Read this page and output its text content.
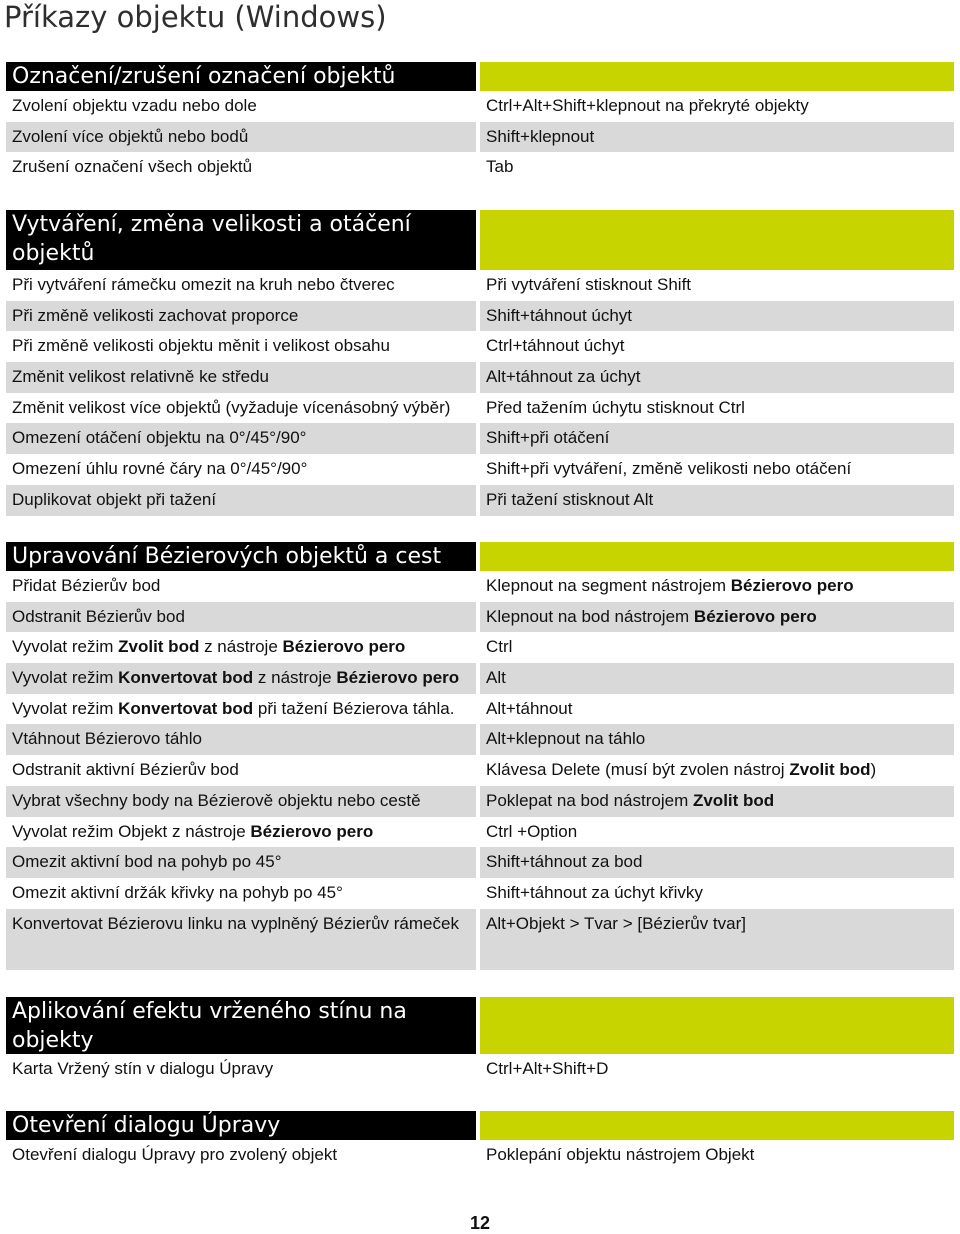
Příkazy objektu (Windows)
Označení/zrušení označení objektů
Zvolení objektu vzadu nebo dole	Ctrl+Alt+Shift+klepnout na překryté objekty
Zvolení více objektů nebo bodů	Shift+klepnout
Zrušení označení všech objektů	Tab
Vytváření, změna velikosti a otáčení objektů
Při vytváření rámečku omezit na kruh nebo čtverec	Při vytváření stisknout Shift
Při změně velikosti zachovat proporce	Shift+táhnout úchyt
Při změně velikosti objektu měnit i velikost obsahu	Ctrl+táhnout úchyt
Změnit velikost relativně ke středu	Alt+táhnout za úchyt
Změnit velikost více objektů (vyžaduje vícenásobný výběr)	Před tažením úchytu stisknout Ctrl
Omezení otáčení objektu na 0°/45°/90°	Shift+při otáčení
Omezení úhlu rovné čáry na 0°/45°/90°	Shift+při vytváření, změně velikosti nebo otáčení
Duplikovat objekt při tažení	Při tažení stisknout Alt
Upravování Bézierových objektů a cest
Přidat Bézierův bod	Klepnout na segment nástrojem Bézierovo pero
Odstranit Bézierův bod	Klepnout na bod nástrojem Bézierovo pero
Vyvolat režim Zvolit bod z nástroje Bézierovo pero	Ctrl
Vyvolat režim Konvertovat bod z nástroje Bézierovo pero	Alt
Vyvolat režim Konvertovat bod při tažení Bézierova táhla.	Alt+táhnout
Vtáhnout Bézierovo táhlo	Alt+klepnout na táhlo
Odstranit aktivní Bézierův bod	Klávesa Delete (musí být zvolen nástroj Zvolit bod)
Vybrat všechny body na Bézierově objektu nebo cestě	Poklepat na bod nástrojem Zvolit bod
Vyvolat režim Objekt z nástroje Bézierovo pero	Ctrl +Option
Omezit aktivní bod na pohyb po 45°	Shift+táhnout za bod
Omezit aktivní držák křivky na pohyb po 45°	Shift+táhnout za úchyt křivky
Konvertovat Bézierovu linku na vyplněný Bézierův rámeček	Alt+Objekt > Tvar > [Bézierův tvar]
Aplikování efektu vrženého stínu na objekty
Karta Vržený stín v dialogu Úpravy	Ctrl+Alt+Shift+D
Otevření dialogu Úpravy
Otevření dialogu Úpravy pro zvolený objekt	Poklepání objektu nástrojem Objekt
12
